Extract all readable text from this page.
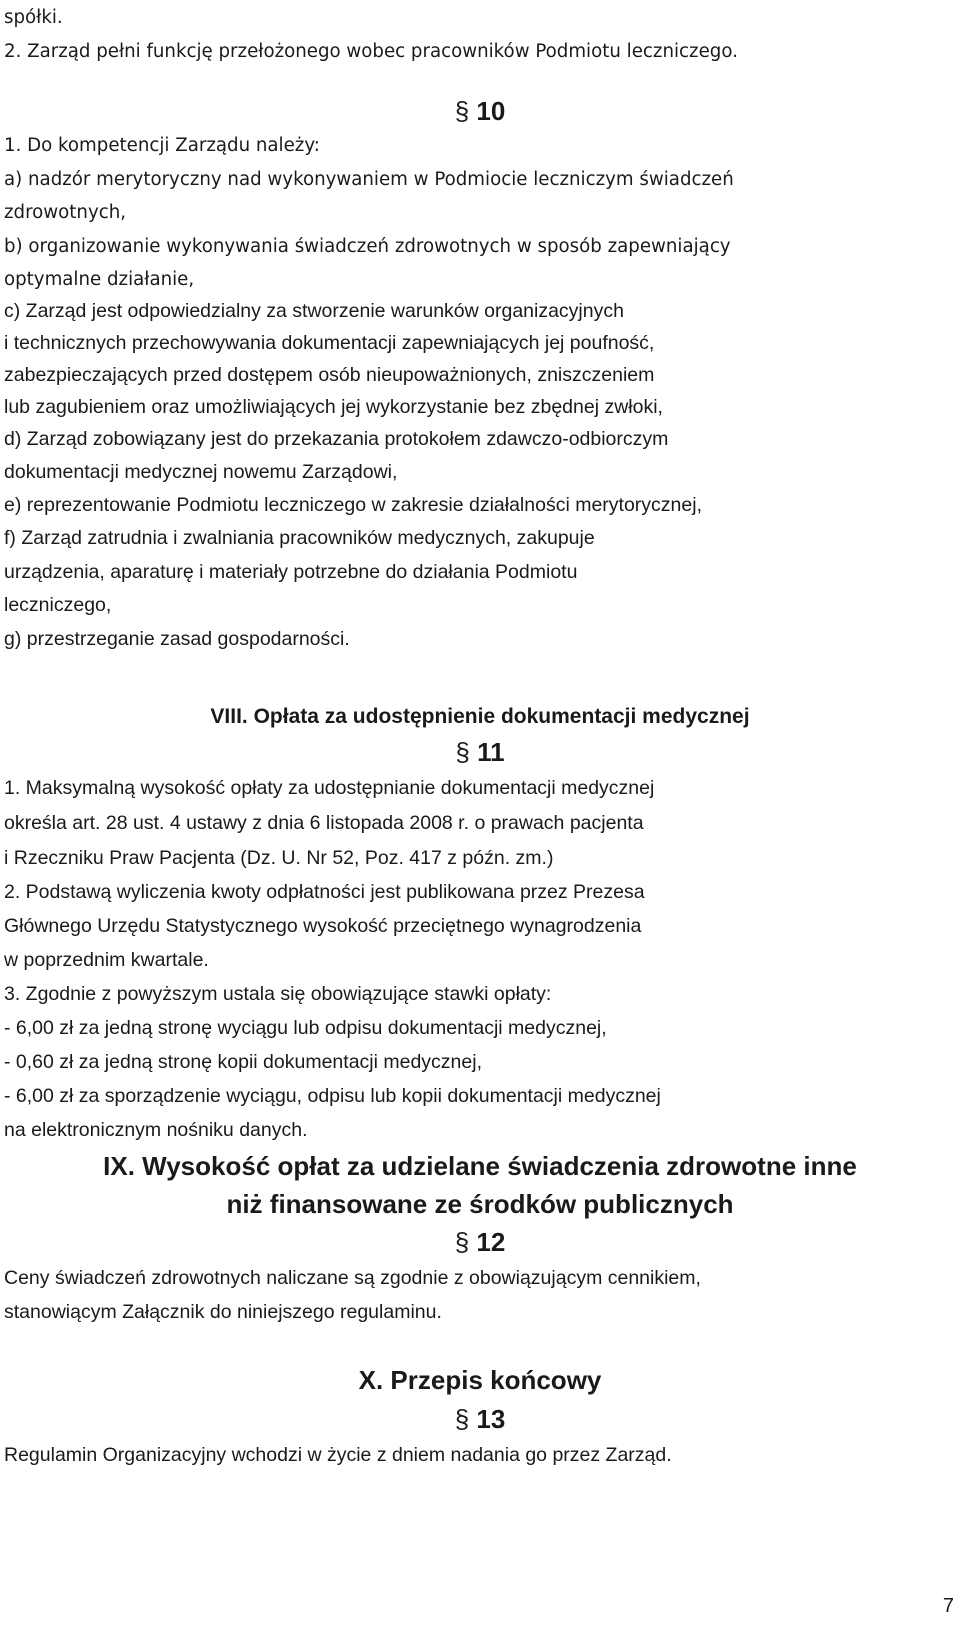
spółki.
2. Zarząd pełni funkcję przełożonego wobec pracowników Podmiotu leczniczego.
§ 10
1. Do kompetencji Zarządu należy:
a) nadzór merytoryczny nad wykonywaniem w Podmiocie leczniczym świadczeń
zdrowotnych,
b) organizowanie wykonywania świadczeń zdrowotnych w sposób zapewniający
optymalne działanie,
c) Zarząd jest odpowiedzialny za stworzenie warunków organizacyjnych
i technicznych przechowywania dokumentacji zapewniających jej poufność,
zabezpieczających przed dostępem osób nieupoważnionych, zniszczeniem
lub zagubieniem oraz umożliwiających jej wykorzystanie bez zbędnej zwłoki,
d) Zarząd zobowiązany jest do przekazania protokołem zdawczo-odbiorczym
dokumentacji medycznej nowemu Zarządowi,
e) reprezentowanie Podmiotu leczniczego w zakresie działalności merytorycznej,
f) Zarząd zatrudnia i zwalniania pracowników medycznych, zakupuje
urządzenia, aparaturę i materiały potrzebne do działania Podmiotu
leczniczego,
g) przestrzeganie zasad gospodarności.
VIII. Opłata za udostępnienie dokumentacji medycznej
§ 11
1. Maksymalną wysokość opłaty za udostępnianie dokumentacji medycznej
określa art. 28 ust. 4 ustawy z dnia 6 listopada 2008 r. o prawach pacjenta
i Rzeczniku Praw Pacjenta (Dz. U. Nr 52, Poz. 417 z późn. zm.)
2. Podstawą wyliczenia kwoty odpłatności jest publikowana przez Prezesa
Głównego Urzędu Statystycznego wysokość przeciętnego wynagrodzenia
w poprzednim kwartale.
3. Zgodnie z powyższym ustala się obowiązujące stawki opłaty:
- 6,00 zł za jedną stronę wyciągu lub odpisu dokumentacji medycznej,
- 0,60 zł za jedną stronę kopii dokumentacji medycznej,
- 6,00 zł za sporządzenie wyciągu, odpisu lub kopii dokumentacji medycznej
na elektronicznym nośniku danych.
IX. Wysokość opłat za udzielane świadczenia zdrowotne inne
niż finansowane ze środków publicznych
§ 12
Ceny świadczeń zdrowotnych naliczane są zgodnie z obowiązującym cennikiem,
stanowiącym Załącznik do niniejszego regulaminu.
X. Przepis końcowy
§ 13
Regulamin Organizacyjny wchodzi w życie z dniem nadania go przez Zarząd.
7
